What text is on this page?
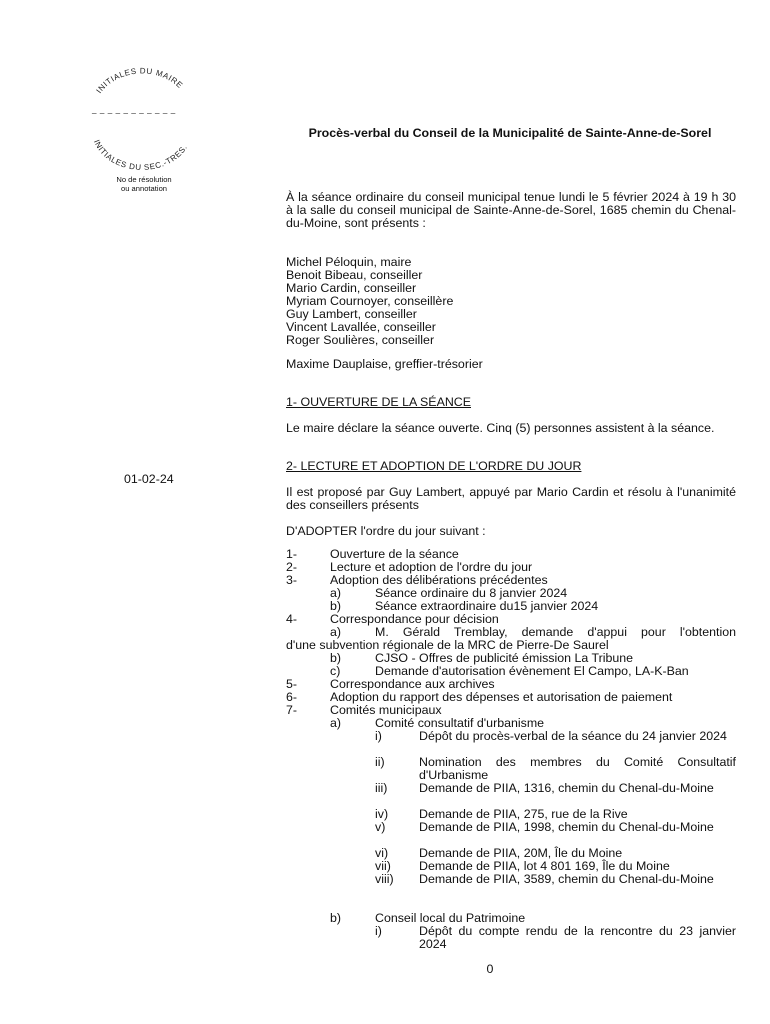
INITIALES DU MAIRE
_ _ _ _ _ _ _ _ _ _ _
INITIALES DU SEC.-TRES.
No de résolution
ou annotation
Procès-verbal du Conseil de la Municipalité de Sainte-Anne-de-Sorel
À la séance ordinaire du conseil municipal tenue lundi le 5 février 2024 à 19 h 30 à la salle du conseil municipal de Sainte-Anne-de-Sorel, 1685 chemin du Chenal-du-Moine, sont présents :
Michel Péloquin, maire
Benoit Bibeau, conseiller
Mario Cardin, conseiller
Myriam Cournoyer, conseillère
Guy Lambert, conseiller
Vincent Lavallée, conseiller
Roger Soulières, conseiller
Maxime Dauplaise, greffier-trésorier
1- OUVERTURE DE LA SÉANCE
Le maire déclare la séance ouverte. Cinq (5) personnes assistent à la séance.
01-02-24
2- LECTURE ET ADOPTION DE L'ORDRE DU JOUR
Il est proposé par Guy Lambert, appuyé par Mario Cardin et résolu à l'unanimité des conseillers présents
D'ADOPTER l'ordre du jour suivant :
1-	Ouverture de la séance
2-	Lecture et adoption de l'ordre du jour
3-	Adoption des délibérations précédentes
a)	Séance ordinaire du 8 janvier 2024
b)	Séance extraordinaire du15 janvier 2024
4-	Correspondance pour décision
a)	M. Gérald Tremblay, demande d'appui pour l'obtention
d'une subvention régionale de la MRC de Pierre-De Saurel
b)	CJSO - Offres de publicité émission La Tribune
c)	Demande d'autorisation évènement El Campo, LA-K-Ban
5-	Correspondance aux archives
6-	Adoption du rapport des dépenses et autorisation de paiement
7-	Comités municipaux
a)	Comité consultatif d'urbanisme
i)	Dépôt du procès-verbal de la séance du 24 janvier 2024
ii)	Nomination des membres du Comité Consultatif d'Urbanisme
iii)	Demande de PIIA, 1316, chemin du Chenal-du-Moine
iv) Demande de PIIA, 275, rue de la Rive
v)	Demande de PIIA, 1998, chemin du Chenal-du-Moine
vi) Demande de PIIA, 20M, Île du Moine
vii) Demande de PIIA, lot 4 801 169, Île du Moine
viii) Demande de PIIA, 3589, chemin du Chenal-du-Moine
b)	Conseil local du Patrimoine
i)	Dépôt du compte rendu de la rencontre du 23 janvier 2024
0
